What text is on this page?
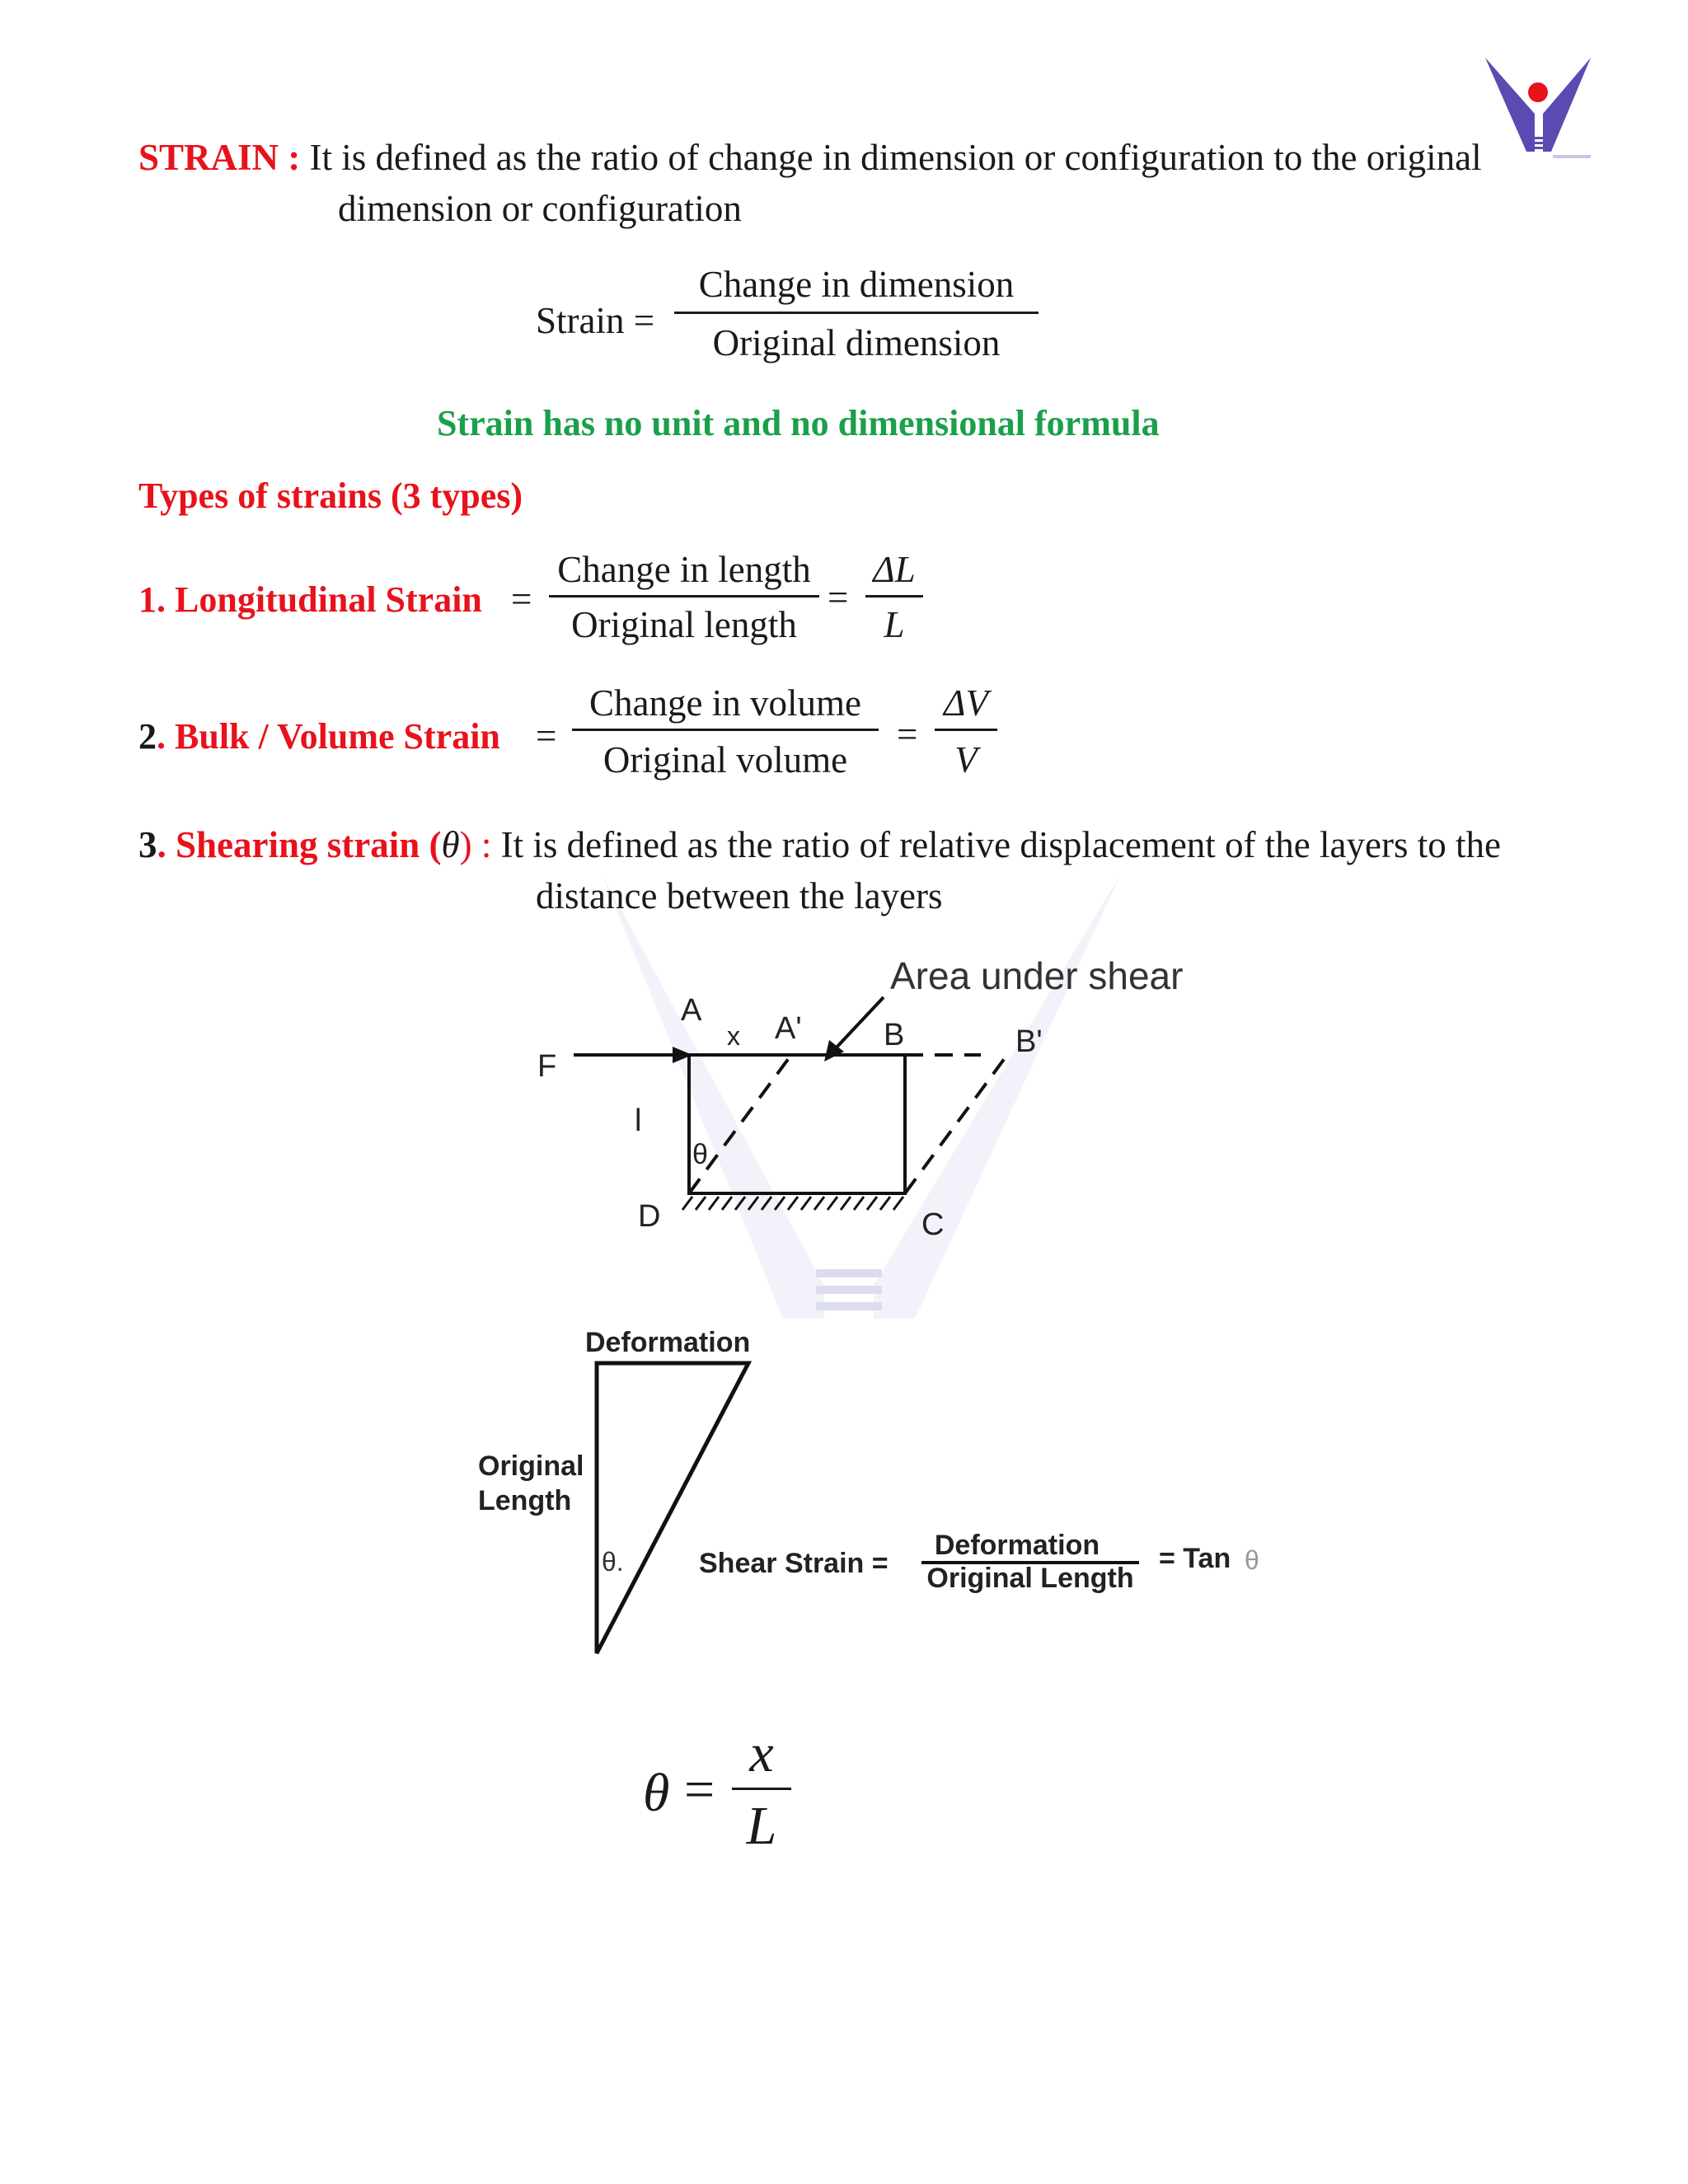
STRAIN : It is defined as the ratio of change in dimension or configuration to the original
dimension or configuration
Strain =
Change in dimension
Original dimension
Strain has no unit and no dimensional formula
Types of strains (3 types)
1. Longitudinal Strain =
Change in length
Original length
=
ΔL
L
2. Bulk / Volume Strain =
Change in volume
Original volume
=
ΔV
V
3. Shearing strain (θ) : It is defined as the ratio of relative displacement of the layers to the
distance between the layers
Area under shear
A
x A'	B	B'
F
l
θ
D	C
Deformation
Original
Length
θ.	Shear Strain =
Deformation
Original Length
= Tan θ
θ =
x
L
